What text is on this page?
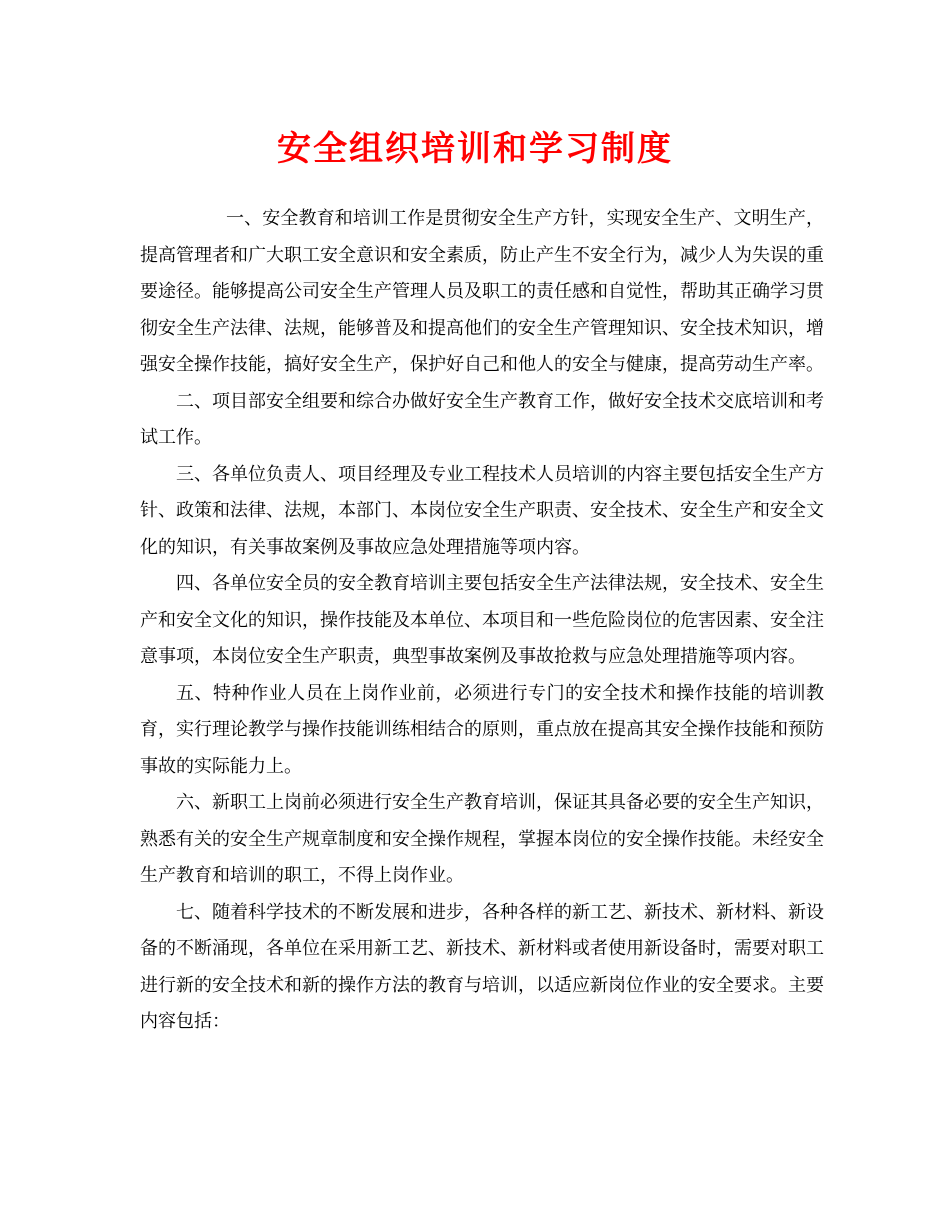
安全组织培训和学习制度

一、安全教育和培训工作是贯彻安全生产方针，实现安全生产、文明生产，提高管理者和广大职工安全意识和安全素质，防止产生不安全行为，减少人为失误的重要途径。能够提高公司安全生产管理人员及职工的责任感和自觉性，帮助其正确学习贯彻安全生产法律、法规，能够普及和提高他们的安全生产管理知识、安全技术知识，增强安全操作技能，搞好安全生产，保护好自己和他人的安全与健康，提高劳动生产率。

二、项目部安全组要和综合办做好安全生产教育工作，做好安全技术交底培训和考试工作。

三、各单位负责人、项目经理及专业工程技术人员培训的内容主要包括安全生产方针、政策和法律、法规，本部门、本岗位安全生产职责、安全技术、安全生产和安全文化的知识，有关事故案例及事故应急处理措施等项内容。

四、各单位安全员的安全教育培训主要包括安全生产法律法规，安全技术、安全生产和安全文化的知识，操作技能及本单位、本项目和一些危险岗位的危害因素、安全注意事项，本岗位安全生产职责，典型事故案例及事故抢救与应急处理措施等项内容。

五、特种作业人员在上岗作业前，必须进行专门的安全技术和操作技能的培训教育，实行理论教学与操作技能训练相结合的原则，重点放在提高其安全操作技能和预防事故的实际能力上。

六、新职工上岗前必须进行安全生产教育培训，保证其具备必要的安全生产知识，熟悉有关的安全生产规章制度和安全操作规程，掌握本岗位的安全操作技能。未经安全生产教育和培训的职工，不得上岗作业。

七、随着科学技术的不断发展和进步，各种各样的新工艺、新技术、新材料、新设备的不断涌现，各单位在采用新工艺、新技术、新材料或者使用新设备时，需要对职工进行新的安全技术和新的操作方法的教育与培训，以适应新岗位作业的安全要求。主要内容包括：
